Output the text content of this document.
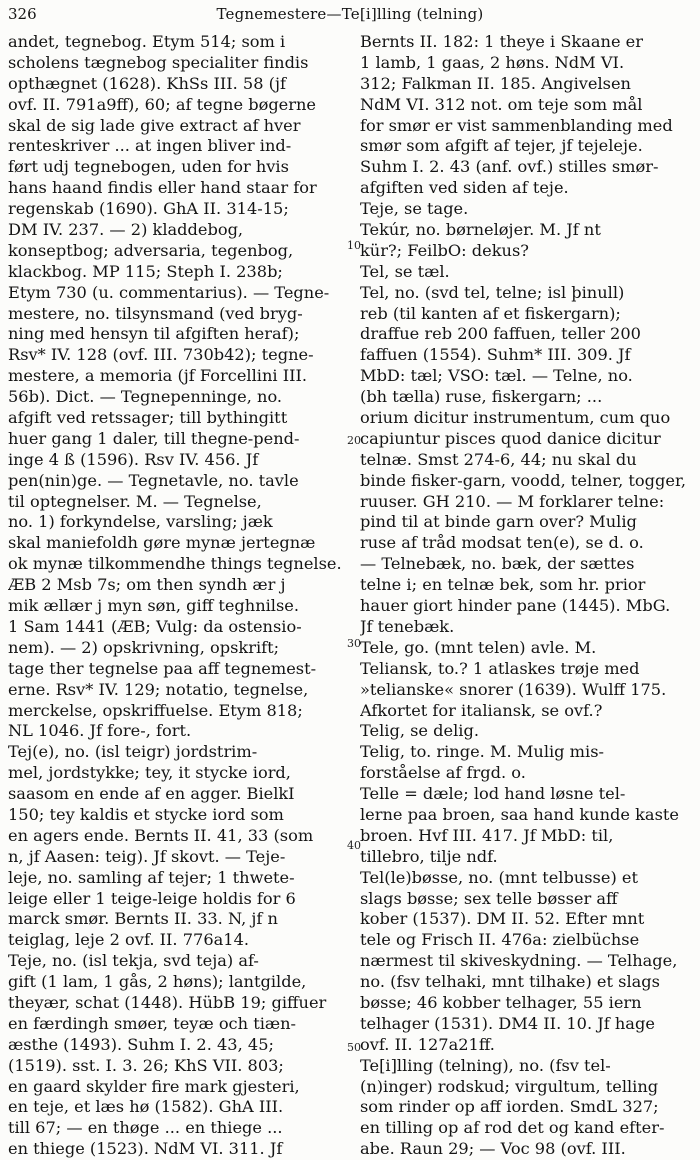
326	Tegnemestere—Te[i]lling (telning)
andet, tegnebog. Etym 514; som i
scholens tægnebog specialiter findis
opthægnet (1628). KhSs III. 58 (jf
ovf. II. 791a9ff), 60; af tegne bøgerne
skal de sig lade give extract af hver
renteskriver ... at ingen bliver ind-
ført udj tegnebogen, uden for hvis
hans haand findis eller hand staar for
regenskab (1690). GhA II. 314-15;
DM IV. 237. — 2) kladdebog,
konseptbog; adversaria, tegenbog,
klackbog. MP 115; Steph I. 238b;
Etym 730 (u. commentarius). — Tegne-
mestere, no. tilsynsmand (ved bryg-
ning med hensyn til afgiften heraf);
Rsv* IV. 128 (ovf. III. 730b42); tegne-
mestere, a memoria (jf Forcellini III.
56b). Dict. — Tegnepenninge, no.
afgift ved retssager; till bythingitt
huer gang 1 daler, till thegne-pend-
inge 4 ß (1596). Rsv IV. 456. Jf
pen(nin)ge. — Tegnetavle, no. tavle
til optegnelser. M. — Tegnelse,
no. 1) forkyndelse, varsling; jæk
skal maniefoldh gøre mynæ jertegnæ
ok mynæ tilkommendhe things tegnelse.
ÆB 2 Msb 7s; om then syndh ær j
mik ællær j myn søn, giff teghnilse.
1 Sam 1441 (ÆB; Vulg: da ostensio-
nem). — 2) opskrivning, opskrift;
tage ther tegnelse paa aff tegnemest-
erne. Rsv* IV. 129; notatio, tegnelse,
merckelse, opskriffuelse. Etym 818;
NL 1046. Jf fore-, fort.
Tej(e), no. (isl teigr) jordstrim-
mel, jordstykke; tey, it stycke iord,
saasom en ende af en agger. BielkI
150; tey kaldis et stycke iord som
en agers ende. Bernts II. 41, 33 (som
n, jf Aasen: teig). Jf skovt. — Teje-
leje, no. samling af tejer; 1 thwete-
leige eller 1 teige-leige holdis for 6
marck smør. Bernts II. 33. N, jf n
teiglag, leje 2 ovf. II. 776a14.
Teje, no. (isl tekja, svd teja) af-
gift (1 lam, 1 gås, 2 høns); lantgilde,
theyær, schat (1448). HübB 19; giffuer
en færdingh smøer, teyæ och tiæn-
æsthe (1493). Suhm I. 2. 43, 45;
(1519). sst. I. 3. 26; KhS VII. 803;
en gaard skylder fire mark gjesteri,
en teje, et læs hø (1582). GhA III.
till 67; — en thøge ... en thiege ...
en thiege (1523). NdM VI. 311. Jf
Bernts II. 182: 1 theye i Skaane er
1 lamb, 1 gaas, 2 høns. NdM VI.
312; Falkman II. 185. Angivelsen
NdM VI. 312 not. om teje som mål
for smør er vist sammenblanding med
smør som afgift af tejer, jf tejeleje.
Suhm I. 2. 43 (anf. ovf.) stilles smør-
afgiften ved siden af teje.
Teje, se tage.
Tekúr, no. børneløjer. M. Jf nt
kür?; FeilbO: dekus?
Tel, se tæl.
Tel, no. (svd tel, telne; isl þinull)
reb (til kanten af et fiskergarn);
draffue reb 200 faffuen, teller 200
faffuen (1554). Suhm* III. 309. Jf
MbD: tæl; VSO: tæl. — Telne, no.
(bh tælla) ruse, fiskergarn; ...
orium dicitur instrumentum, cum quo
capiuntur pisces quod danice dicitur
telnæ. Smst 274-6, 44; nu skal du
binde fisker-garn, voodd, telner, togger,
ruuser. GH 210. — M forklarer telne:
pind til at binde garn over? Mulig
ruse af tråd modsat ten(e), se d. o.
— Telnebæk, no. bæk, der sættes
telne i; en telnæ bek, som hr. prior
hauer giort hinder pane (1445). MbG.
Jf tenebæk.
Tele, go. (mnt telen) avle. M.
Teliansk, to.? 1 atlaskes trøje med
»telianske« snorer (1639). Wulff 175.
Afkortet for italiansk, se ovf.?
Telig, se delig.
Telig, to. ringe. M. Mulig mis-
forståelse af frgd. o.
Telle = dæle; lod hand løsne tel-
lerne paa broen, saa hand kunde kaste
broen. Hvf III. 417. Jf MbD: til,
tillebro, tilje ndf.
Tel(le)bøsse, no. (mnt telbusse) et
slags bøsse; sex telle bøsser aff
kober (1537). DM II. 52. Efter mnt
tele og Frisch II. 476a: zielbüchse
nærmest til skiveskydning. — Telhage,
no. (fsv telhaki, mnt tilhake) et slags
bøsse; 46 kobber telhager, 55 iern
telhager (1531). DM4 II. 10. Jf hage
ovf. II. 127a21ff.
Te[i]lling (telning), no. (fsv tel-
(n)inger) rodskud; virgultum, telling
som rinder op aff iorden. SmdL 327;
en tilling op af rod det og kand efter-
abe. Raun 29; — Voc 98 (ovf. III.
10
20
30
40
50
